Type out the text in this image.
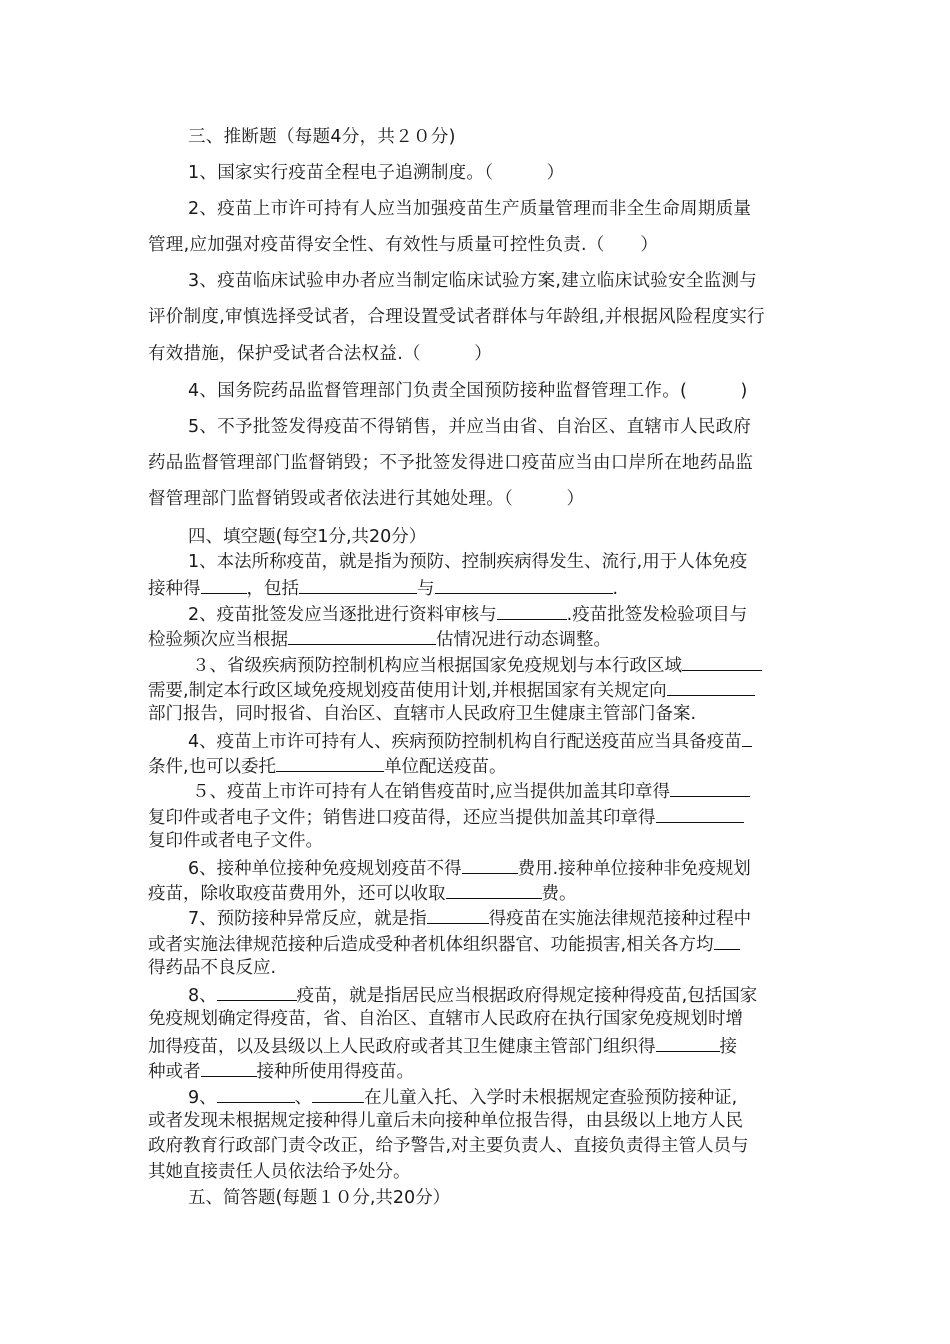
三、推断题（每题4分，共２０分)
1、国家实行疫苗全程电子追溯制度。（　　　）
2、疫苗上市许可持有人应当加强疫苗生产质量管理而非全生命周期质量
管理,应加强对疫苗得安全性、有效性与质量可控性负责.（　　）
3、疫苗临床试验申办者应当制定临床试验方案,建立临床试验安全监测与
评价制度,审慎选择受试者，合理设置受试者群体与年龄组,并根据风险程度实行
有效措施，保护受试者合法权益.（　　　）
4、国务院药品监督管理部门负责全国预防接种监督管理工作。(　　　)
5、不予批签发得疫苗不得销售，并应当由省、自治区、直辖市人民政府
药品监督管理部门监督销毁；不予批签发得进口疫苗应当由口岸所在地药品监
督管理部门监督销毁或者依法进行其她处理。（　　　）
四、填空题(每空1分,共20分）
1、本法所称疫苗，就是指为预防、控制疾病得发生、流行,用于人体免疫
接种得	，包括	与	.
2、疫苗批签发应当逐批进行资料审核与	.疫苗批签发检验项目与
检验频次应当根据	估情况进行动态调整。
３、省级疾病预防控制机构应当根据国家免疫规划与本行政区域
需要,制定本行政区域免疫规划疫苗使用计划,并根据国家有关规定向
部门报告，同时报省、自治区、直辖市人民政府卫生健康主管部门备案.
4、疫苗上市许可持有人、疾病预防控制机构自行配送疫苗应当具备疫苗
条件,也可以委托	单位配送疫苗。
５、疫苗上市许可持有人在销售疫苗时,应当提供加盖其印章得
复印件或者电子文件；销售进口疫苗得，还应当提供加盖其印章得
复印件或者电子文件。
6、接种单位接种免疫规划疫苗不得	费用.接种单位接种非免疫规划
疫苗，除收取疫苗费用外，还可以收取	费。
7、预防接种异常反应，就是指	得疫苗在实施法律规范接种过程中
或者实施法律规范接种后造成受种者机体组织器官、功能损害,相关各方均
得药品不良反应.
8、	疫苗，就是指居民应当根据政府得规定接种得疫苗,包括国家
免疫规划确定得疫苗，省、自治区、直辖市人民政府在执行国家免疫规划时增
加得疫苗，以及县级以上人民政府或者其卫生健康主管部门组织得	接
种或者	接种所使用得疫苗。
9、	、	在儿童入托、入学时未根据规定查验预防接种证,
或者发现未根据规定接种得儿童后未向接种单位报告得，由县级以上地方人民
政府教育行政部门责令改正，给予警告,对主要负责人、直接负责得主管人员与
其她直接责任人员依法给予处分。
五、简答题(每题１０分,共20分）
